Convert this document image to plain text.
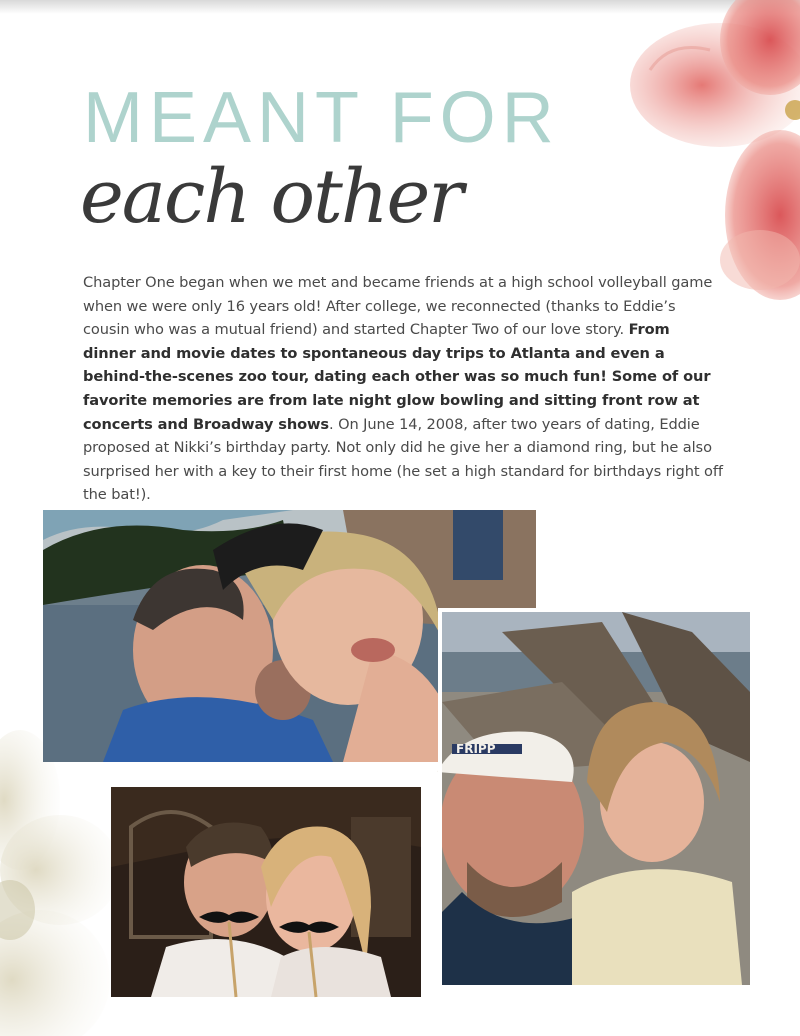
MEANT FOR
each other

Chapter One began when we met and became friends at a high school volleyball game when we were only 16 years old! After college, we reconnected (thanks to Eddie’s cousin who was a mutual friend) and started Chapter Two of our love story. From dinner and movie dates to spontaneous day trips to Atlanta and even a behind-the-scenes zoo tour, dating each other was so much fun! Some of our favorite memories are from late night glow bowling and sitting front row at concerts and Broadway shows. On June 14, 2008, after two years of dating, Eddie proposed at Nikki’s birthday party. Not only did he give her a diamond ring, but he also surprised her with a key to their first home (he set a high standard for birthdays right off the bat!).

FRIPP
